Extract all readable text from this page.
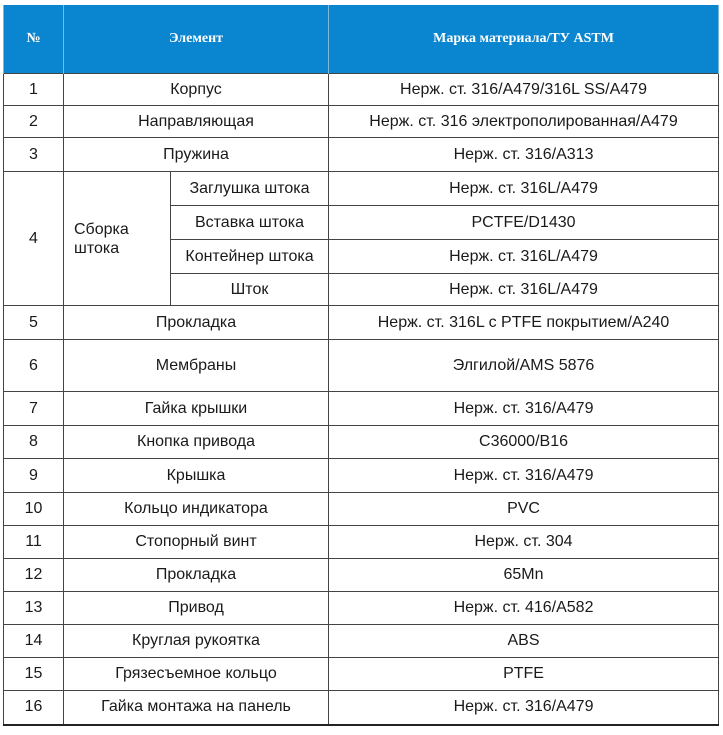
№	Элемент		Марка материала/ТУ ASTM
1	Корпус		Нерж. ст. 316/A479/316L SS/A479
2	Направляющая		Нерж. ст. 316 электрополированная/A479
3	Пружина		Нерж. ст. 316/A313
4	Сборка штока	Заглушка штока	Нерж. ст. 316L/A479
		Вставка штока	PCTFE/D1430
		Контейнер штока	Нерж. ст. 316L/A479
		Шток	Нерж. ст. 316L/A479
5	Прокладка		Нерж. ст. 316L с PTFE покрытием/A240
6	Мембраны		Элгилой/AMS 5876
7	Гайка крышки		Нерж. ст. 316/A479
8	Кнопка привода		C36000/B16
9	Крышка		Нерж. ст. 316/A479
10	Кольцо индикатора		PVC
11	Стопорный винт		Нерж. ст. 304
12	Прокладка		65Mn
13	Привод		Нерж. ст. 416/A582
14	Круглая рукоятка		ABS
15	Грязесъемное кольцо		PTFE
16	Гайка монтажа на панель		Нерж. ст. 316/A479
